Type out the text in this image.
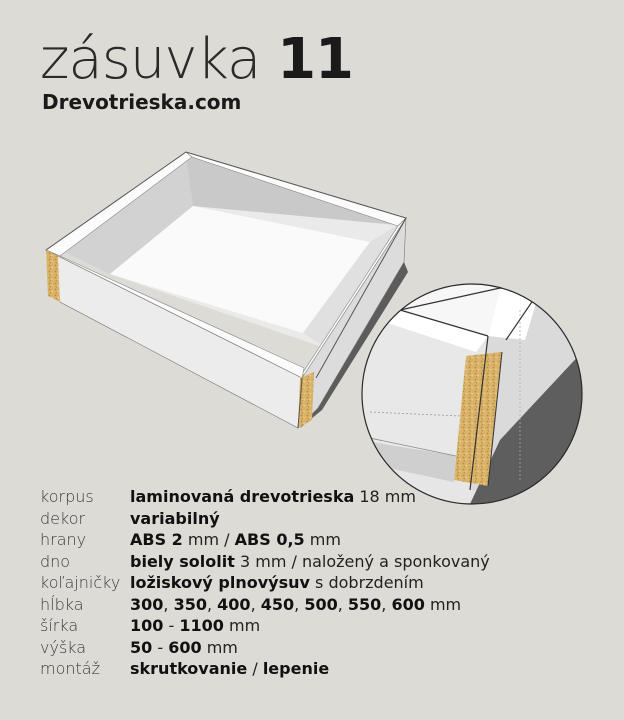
zásuvka 11
Drevotrieska.com
korpus	laminovaná drevotrieska 18 mm
dekor	variabilný
hrany	ABS 2 mm / ABS 0,5 mm
dno	biely sololit 3 mm / naložený a sponkovaný
koľajničky	ložiskový plnovýsuv s dobrzdením
hĺbka	300, 350, 400, 450, 500, 550, 600 mm
šírka	100 - 1100 mm
výška	50 - 600 mm
montáž	skrutkovanie / lepenie
